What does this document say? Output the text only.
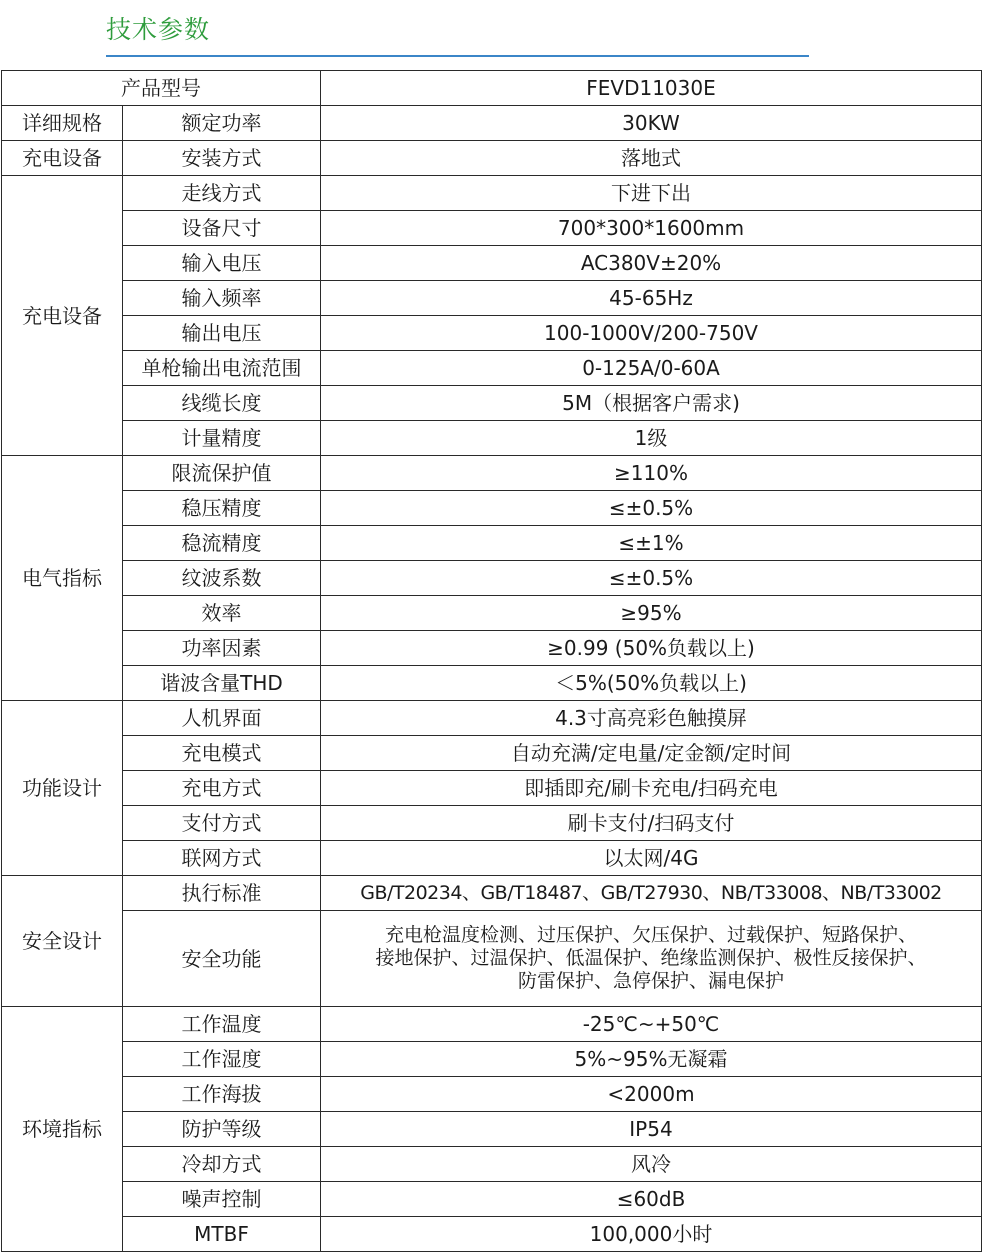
技术参数
产品型号		FEVD11030E
详细规格	额定功率	30KW
充电设备	安装方式	落地式
充电设备	走线方式	下进下出
	设备尺寸	700*300*1600mm
	输入电压	AC380V±20%
	输入频率	45-65Hz
	输出电压	100-1000V/200-750V
	单枪输出电流范围	0-125A/0-60A
	线缆长度	5M（根据客户需求)
	计量精度	1级
电气指标	限流保护值	≥110%
	稳压精度	≤±0.5%
	稳流精度	≤±1%
	纹波系数	≤±0.5%
	效率	≥95%
	功率因素	≥0.99 (50%负载以上)
	谐波含量THD	＜5%(50%负载以上)
功能设计	人机界面	4.3寸高亮彩色触摸屏
	充电模式	自动充满/定电量/定金额/定时间
	充电方式	即插即充/刷卡充电/扫码充电
	支付方式	刷卡支付/扫码支付
	联网方式	以太网/4G
安全设计	执行标准	GB/T20234、GB/T18487、GB/T27930、NB/T33008、NB/T33002
	安全功能	充电枪温度检测、过压保护、欠压保护、过载保护、短路保护、
接地保护、过温保护、低温保护、绝缘监测保护、极性反接保护、
防雷保护、急停保护、漏电保护

环境指标	工作温度	-25℃~+50℃
	工作湿度	5%~95%无凝霜
	工作海拔	<2000m
	防护等级	IP54
	冷却方式	风冷
	噪声控制	≤60dB
	MTBF	100,000小时
